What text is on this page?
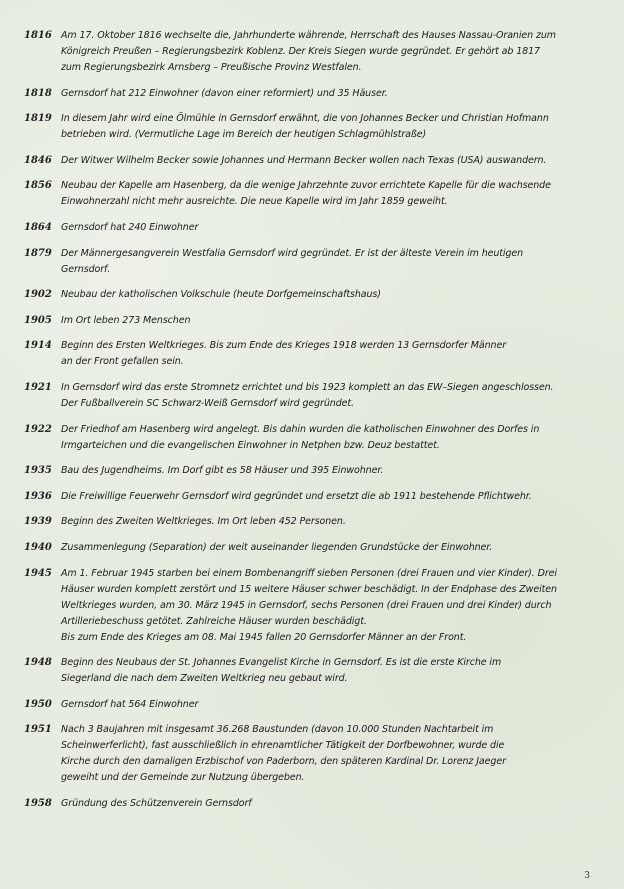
1816 Am 17. Oktober 1816 wechselte die, Jahrhunderte währende, Herrschaft des Hauses Nassau-Oranien zum
Königreich Preußen – Regierungsbezirk Koblenz. Der Kreis Siegen wurde gegründet. Er gehört ab 1817
zum Regierungsbezirk Arnsberg – Preußische Provinz Westfalen.
1818 Gernsdorf hat 212 Einwohner (davon einer reformiert) und 35 Häuser.
1819 In diesem Jahr wird eine Ölmühle in Gernsdorf erwähnt, die von Johannes Becker und Christian Hofmann
betrieben wird. (Vermutliche Lage im Bereich der heutigen Schlagmühlstraße)
1846 Der Witwer Wilhelm Becker sowie Johannes und Hermann Becker wollen nach Texas (USA) auswandern.
1856 Neubau der Kapelle am Hasenberg, da die wenige Jahrzehnte zuvor errichtete Kapelle für die wachsende
Einwohnerzahl nicht mehr ausreichte. Die neue Kapelle wird im Jahr 1859 geweiht.
1864 Gernsdorf hat 240 Einwohner
1879 Der Männergesangverein Westfalia Gernsdorf wird gegründet. Er ist der älteste Verein im heutigen
Gernsdorf.
1902 Neubau der katholischen Volkschule (heute Dorfgemeinschaftshaus)
1905 Im Ort leben 273 Menschen
1914 Beginn des Ersten Weltkrieges. Bis zum Ende des Krieges 1918 werden 13 Gernsdorfer Männer
an der Front gefallen sein.
1921 In Gernsdorf wird das erste Stromnetz errichtet und bis 1923 komplett an das EW–Siegen angeschlossen.
Der Fußballverein SC Schwarz-Weiß Gernsdorf wird gegründet.
1922 Der Friedhof am Hasenberg wird angelegt. Bis dahin wurden die katholischen Einwohner des Dorfes in
Irmgarteichen und die evangelischen Einwohner in Netphen bzw. Deuz bestattet.
1935 Bau des Jugendheims. Im Dorf gibt es 58 Häuser und 395 Einwohner.
1936 Die Freiwillige Feuerwehr Gernsdorf wird gegründet und ersetzt die ab 1911 bestehende Pflichtwehr.
1939 Beginn des Zweiten Weltkrieges. Im Ort leben 452 Personen.
1940 Zusammenlegung (Separation) der weit auseinander liegenden Grundstücke der Einwohner.
1945 Am 1. Februar 1945 starben bei einem Bombenangriff sieben Personen (drei Frauen und vier Kinder). Drei
Häuser wurden komplett zerstört und 15 weitere Häuser schwer beschädigt. In der Endphase des Zweiten
Weltkrieges wurden, am 30. März 1945 in Gernsdorf, sechs Personen (drei Frauen und drei Kinder) durch
Artilleriebeschuss getötet. Zahlreiche Häuser wurden beschädigt.
Bis zum Ende des Krieges am 08. Mai 1945 fallen 20 Gernsdorfer Männer an der Front.
1948 Beginn des Neubaus der St. Johannes Evangelist Kirche in Gernsdorf. Es ist die erste Kirche im
Siegerland die nach dem Zweiten Weltkrieg neu gebaut wird.
1950 Gernsdorf hat 564 Einwohner
1951 Nach 3 Baujahren mit insgesamt 36.268 Baustunden (davon 10.000 Stunden Nachtarbeit im
Scheinwerferlicht), fast ausschließlich in ehrenamtlicher Tätigkeit der Dorfbewohner, wurde die
Kirche durch den damaligen Erzbischof von Paderborn, den späteren Kardinal Dr. Lorenz Jaeger
geweiht und der Gemeinde zur Nutzung übergeben.
1958 Gründung des Schützenverein Gernsdorf
3
